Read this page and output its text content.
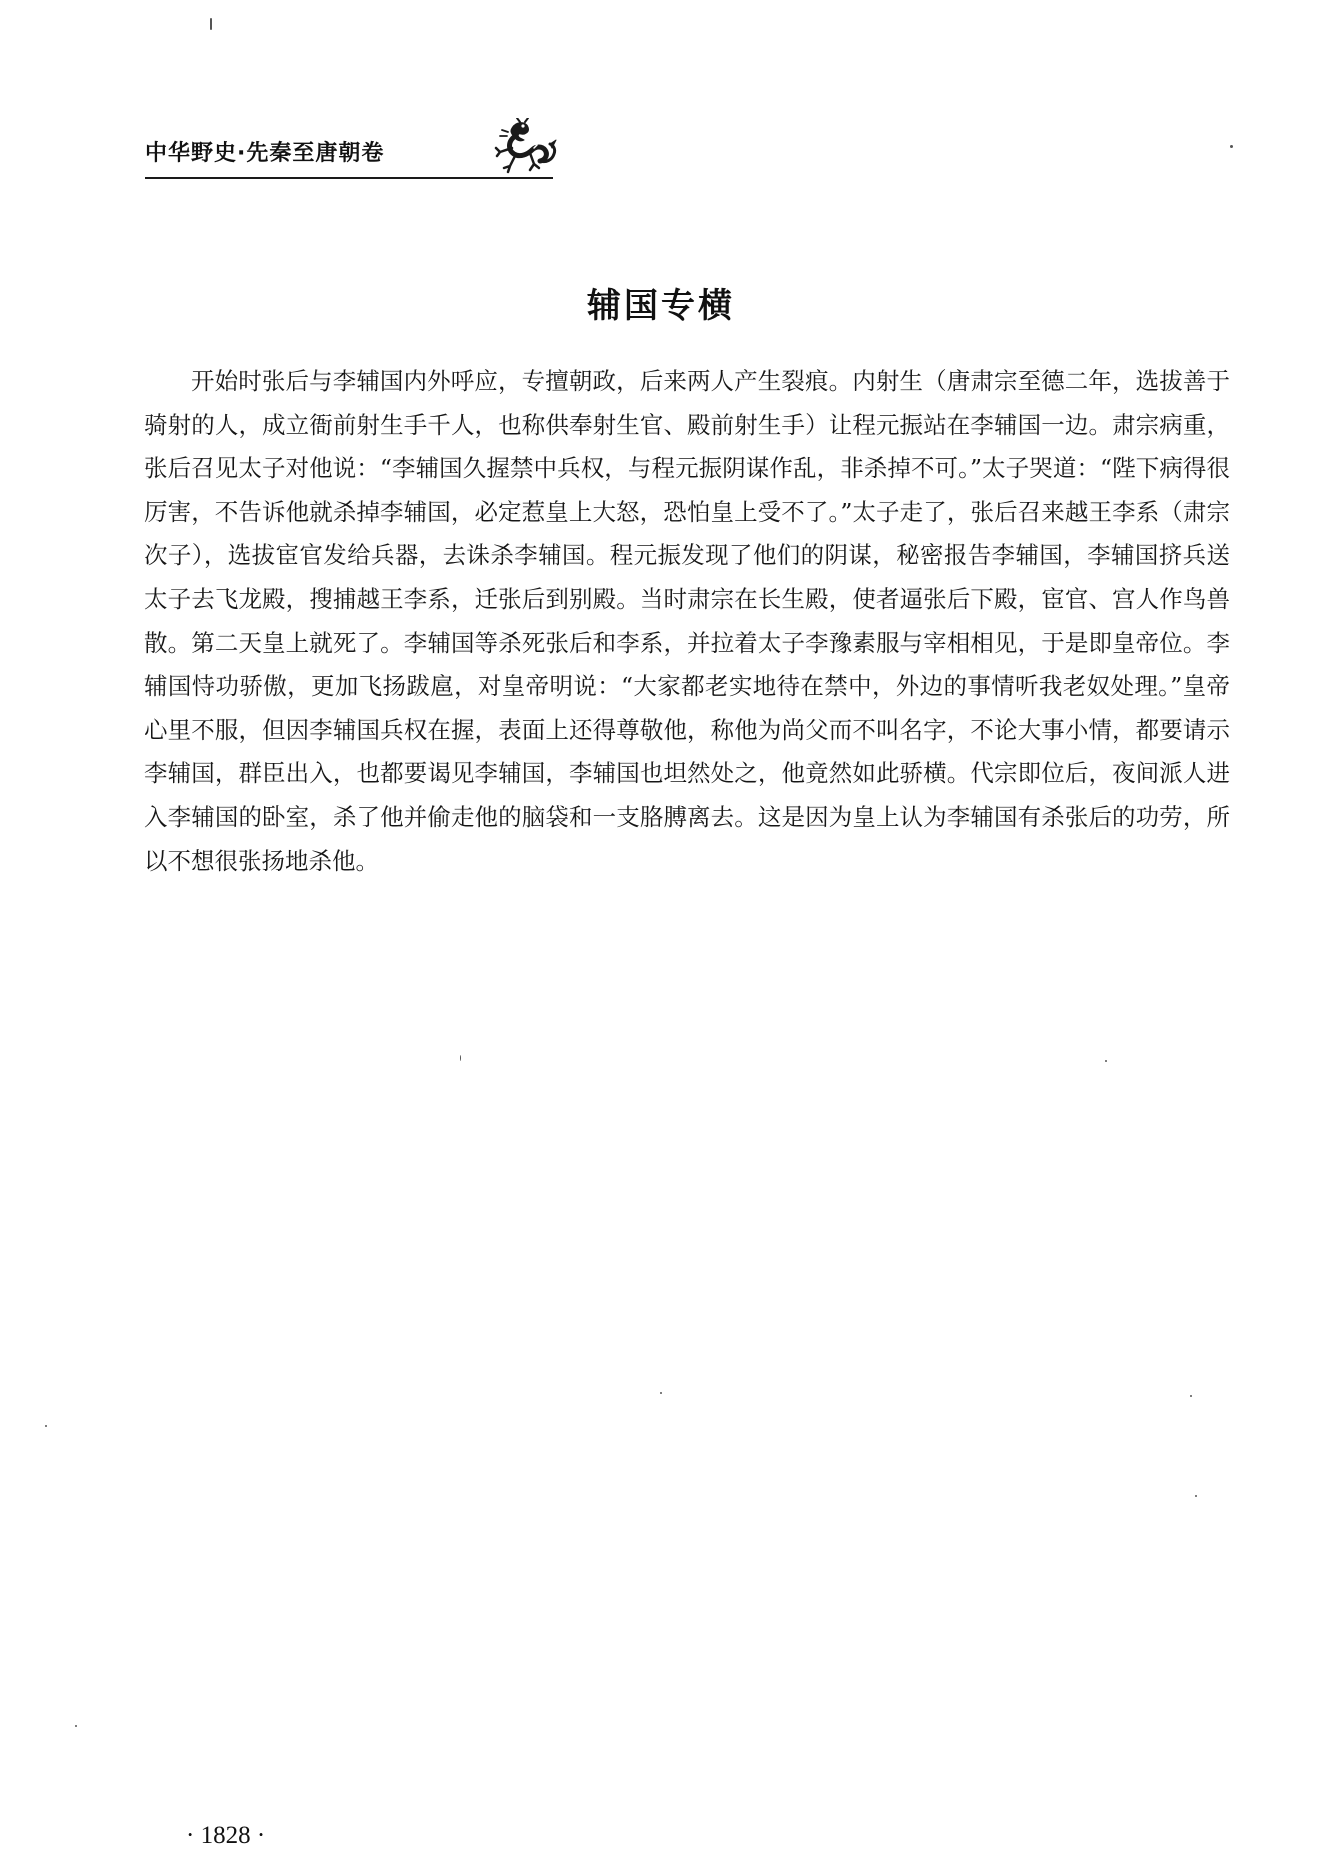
中华野史·先秦至唐朝卷
辅国专横

开始时张后与李辅国内外呼应，专擅朝政，后来两人产生裂痕。内射生（唐肃宗至德二年，选拔善于骑射的人，成立衙前射生手千人，也称供奉射生官、殿前射生手）让程元振站在李辅国一边。肃宗病重，张后召见太子对他说：“李辅国久握禁中兵权，与程元振阴谋作乱，非杀掉不可。”太子哭道：“陛下病得很厉害，不告诉他就杀掉李辅国，必定惹皇上大怒，恐怕皇上受不了。”太子走了，张后召来越王李系（肃宗次子），选拔宦官发给兵器，去诛杀李辅国。程元振发现了他们的阴谋，秘密报告李辅国，李辅国挤兵送太子去飞龙殿，搜捕越王李系，迁张后到别殿。当时肃宗在长生殿，使者逼张后下殿，宦官、宫人作鸟兽散。第二天皇上就死了。李辅国等杀死张后和李系，并拉着太子李豫素服与宰相相见，于是即皇帝位。李辅国恃功骄傲，更加飞扬跋扈，对皇帝明说：“大家都老实地待在禁中，外边的事情听我老奴处理。”皇帝心里不服，但因李辅国兵权在握，表面上还得尊敬他，称他为尚父而不叫名字，不论大事小情，都要请示李辅国，群臣出入，也都要谒见李辅国，李辅国也坦然处之，他竟然如此骄横。代宗即位后，夜间派人进入李辅国的卧室，杀了他并偷走他的脑袋和一支胳膊离去。这是因为皇上认为李辅国有杀张后的功劳，所以不想很张扬地杀他。

· 1828 ·
